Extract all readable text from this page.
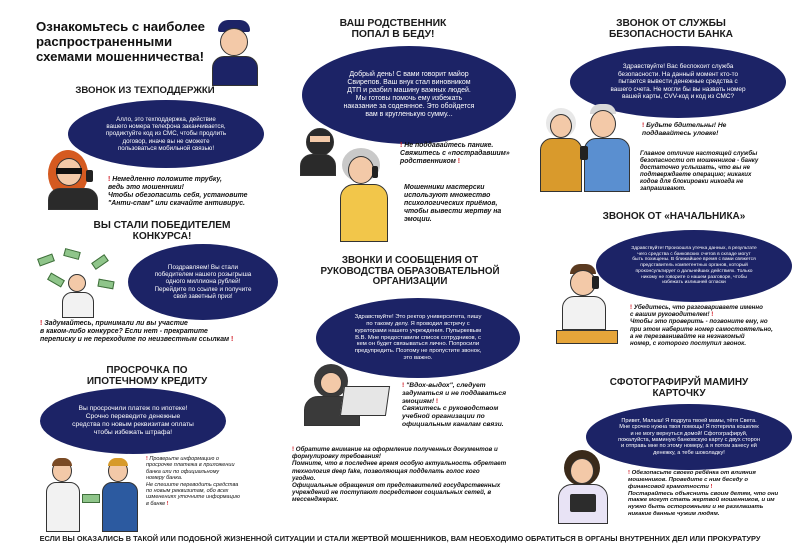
Ознакомьтесь с наиболее
распространенными
схемами мошенничества!
ЗВОНОК ИЗ ТЕХПОДДЕРЖКИ
Алло, это техподдержка, действие
вашего номера телефона заканчивается,
продиктуйте код из СМС, чтобы продлить
договор, иначе вы не сможете
пользоваться мобильной связью!
! Немедленно положите трубку,
ведь это мошенники!
Чтобы обезопасить себя, установите
"Анти-спам" или скачайте антивирус.
ВЫ СТАЛИ ПОБЕДИТЕЛЕМ
КОНКУРСА!
Поздравляем! Вы стали
победителем нашего розыгрыша
одного миллиона рублей!
Перейдите по ссылке и получите
свой заветный приз!
! Задумайтесь, принимали ли вы участие
в каком-либо конкурсе? Если нет - прекратите
переписку и не переходите по неизвестным ссылкам !
ПРОСРОЧКА ПО
ИПОТЕЧНОМУ КРЕДИТУ
Вы просрочили платеж по ипотеке!
Срочно переведите денежные
средства по новым реквизитам оплаты
чтобы избежать штрафа!
! Проверьте информацию о
просрочке платежа в приложении
банка или по официальному
номеру банка.
Не спешите переводить средства
по новым реквизитам, обо всех
изменениях уточните информацию
в банке !
ВАШ РОДСТВЕННИК
ПОПАЛ В БЕДУ!
Добрый день! С вами говорит майор
Свирепов. Ваш внук стал виновником
ДТП и разбил машину важных людей.
Мы готовы помочь ему избежать
наказание за содеянное. Это обойдется
вам в кругленькую сумму...
! Не поддавайтесь панике.
Свяжитесь с «пострадавшим»
родственником !
Мошенники мастерски
используют множество
психологических приёмов,
чтобы вывести жертву на
эмоции.
ЗВОНКИ И СООБЩЕНИЯ ОТ
РУКОВОДСТВА ОБРАЗОВАТЕЛЬНОЙ
ОРГАНИЗАЦИИ
Здравствуйте! Это ректор университета, пишу
по такому делу. Я проводил встречу с
кураторами нашего учреждения. Пупыркевым
В.В. Мне предоставили список сотрудников, с
кем он будет связываться лично. Попросили
предупредить. Поэтому не пропустите звонок,
это важно.
! "Вдох-выдох", следует
задуматься и не поддаваться
эмоциям! !
Свяжитесь с руководством
учебной организации по
официальным каналам связи.
! Обратите внимание на оформление полученных документов и
формулировку требования!
Помните, что в последнее время особую актуальность обретает
технология deep fake, позволяющая подделать голос кого
угодно.
Официальные обращения от представителей государственных
учреждений не поступают посредством социальных сетей, в
мессенджерах.
ЗВОНОК ОТ СЛУЖБЫ
БЕЗОПАСНОСТИ БАНКА
Здравствуйте! Вас беспокоит служба
безопасности. На данный момент кто-то
пытается вывести денежные средства с
вашего счета. Не могли бы вы назвать номер
вашей карты, CVV-код и код из СМС?
! Будьте бдительны! Не
поддавайтесь уловке!
Главное отличие настоящей службы
безопасности от мошенников - банку
достаточно услышать, что вы не
подтверждаете операцию; никаких
кодов для блокировки никогда не
запрашивают.
ЗВОНОК ОТ «НАЧАЛЬНИКА»
Здравствуйте! Произошла утечка данных, в результате
чего средства с банковских счетов в складе могут
быть похищены. В ближайшее время с вами свяжется
представитель компетентных органов, который
проконсультирует о дальнейших действиях. Только
никому не говорите о нашем разговоре, чтобы
избежать излишней огласки
! Убедитесь, что разговариваете именно
с вашим руководителем! !
Чтобы это проверить - позвоните ему, но
при этом наберите номер самостоятельно,
а не перезванивайте на незнакомый
номер, с которого поступил звонок.
СФОТОГРАФИРУЙ МАМИНУ
КАРТОЧКУ
Привет, Малыш! Я подруга твоей мамы, тётя Света.
Мне срочно нужна твоя помощь! Я потеряла кошелек
и не могу вернуться домой! Сфотографируй,
пожалуйста, маминую банковскую карту с двух сторон
и отправь мне по этому номеру, а я потом занесу ей
денежку, а тебе шоколадку!
! Обезопасьте своего ребёнка от влияния
мошенников. Проведите с ним беседу о
финансовой грамотности !
Постарайтесь объяснить своим детям, что они
также могут стать жертвой мошенников, и им
нужно быть осторожными и не разглашать
никакие данные чужим людям.
ЕСЛИ ВЫ ОКАЗАЛИСЬ В ТАКОЙ ИЛИ ПОДОБНОЙ ЖИЗНЕННОЙ СИТУАЦИИ И СТАЛИ ЖЕРТВОЙ МОШЕННИКОВ, ВАМ НЕОБХОДИМО ОБРАТИТЬСЯ В ОРГАНЫ ВНУТРЕННИХ ДЕЛ ИЛИ ПРОКУРАТУРУ
